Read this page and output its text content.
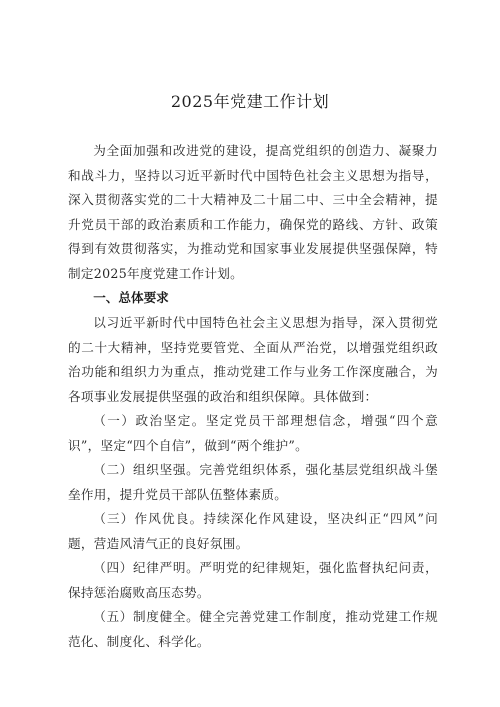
2025年党建工作计划

为全面加强和改进党的建设，提高党组织的创造力、凝聚力和战斗力，坚持以习近平新时代中国特色社会主义思想为指导，深入贯彻落实党的二十大精神及二十届二中、三中全会精神，提升党员干部的政治素质和工作能力，确保党的路线、方针、政策得到有效贯彻落实，为推动党和国家事业发展提供坚强保障，特制定2025年度党建工作计划。

一、总体要求

以习近平新时代中国特色社会主义思想为指导，深入贯彻党的二十大精神，坚持党要管党、全面从严治党，以增强党组织政治功能和组织力为重点，推动党建工作与业务工作深度融合，为各项事业发展提供坚强的政治和组织保障。具体做到：

（一）政治坚定。坚定党员干部理想信念，增强“四个意识”，坚定“四个自信”，做到“两个维护”。

（二）组织坚强。完善党组织体系，强化基层党组织战斗堡垒作用，提升党员干部队伍整体素质。

（三）作风优良。持续深化作风建设，坚决纠正“四风”问题，营造风清气正的良好氛围。

（四）纪律严明。严明党的纪律规矩，强化监督执纪问责，保持惩治腐败高压态势。

（五）制度健全。健全完善党建工作制度，推动党建工作规范化、制度化、科学化。
